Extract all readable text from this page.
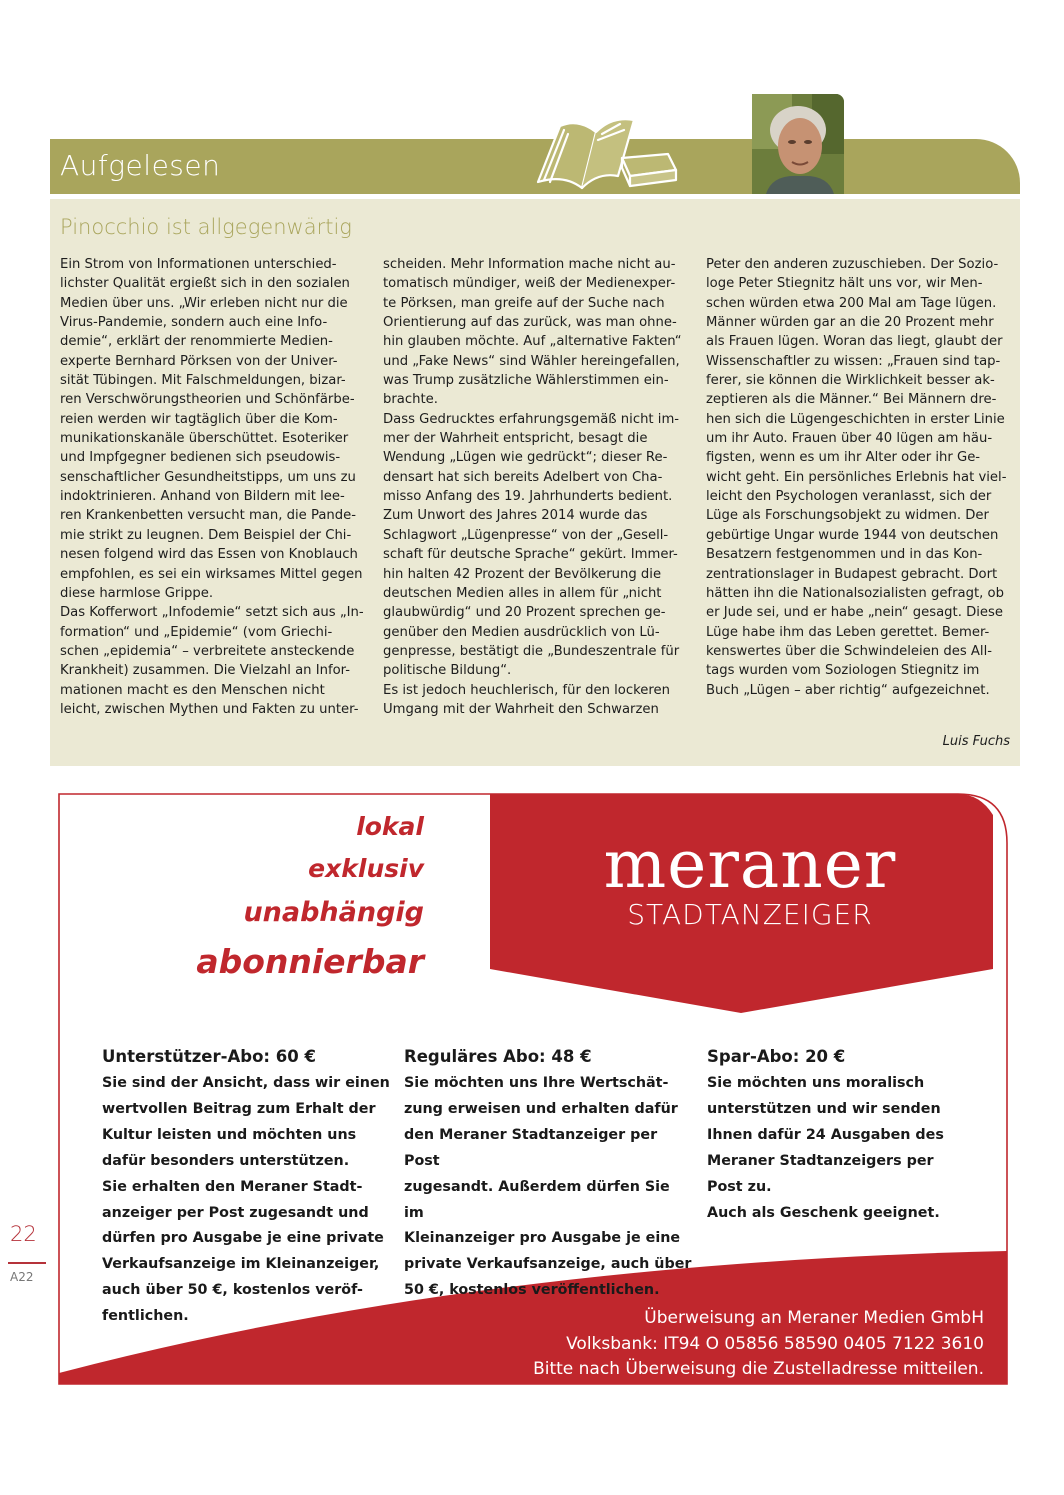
Aufgelesen
Pinocchio ist allgegenwärtig

Ein Strom von Informationen unterschied-
lichster Qualität ergießt sich in den sozialen
Medien über uns. „Wir erleben nicht nur die
Virus-Pandemie, sondern auch eine Info-
demie“, erklärt der renommierte Medien-
experte Bernhard Pörksen von der Univer-
sität Tübingen. Mit Falschmeldungen, bizar-
ren Verschwörungstheorien und Schönfärbe-
reien werden wir tagtäglich über die Kom-
munikationskanäle überschüttet. Esoteriker
und Impfgegner bedienen sich pseudowis-
senschaftlicher Gesundheitstipps, um uns zu
indoktrinieren. Anhand von Bildern mit lee-
ren Krankenbetten versucht man, die Pande-
mie strikt zu leugnen. Dem Beispiel der Chi-
nesen folgend wird das Essen von Knoblauch
empfohlen, es sei ein wirksames Mittel gegen
diese harmlose Grippe.
Das Kofferwort „Infodemie“ setzt sich aus „In-
formation“ und „Epidemie“ (vom Griechi-
schen „epidemia“ – verbreitete ansteckende
Krankheit) zusammen. Die Vielzahl an Infor-
mationen macht es den Menschen nicht
leicht, zwischen Mythen und Fakten zu unter-

scheiden. Mehr Information mache nicht au-
tomatisch mündiger, weiß der Medienexper-
te Pörksen, man greife auf der Suche nach
Orientierung auf das zurück, was man ohne-
hin glauben möchte. Auf „alternative Fakten“
und „Fake News“ sind Wähler hereingefallen,
was Trump zusätzliche Wählerstimmen ein-
brachte.
Dass Gedrucktes erfahrungsgemäß nicht im-
mer der Wahrheit entspricht, besagt die
Wendung „Lügen wie gedrückt“; dieser Re-
densart hat sich bereits Adelbert von Cha-
misso Anfang des 19. Jahrhunderts bedient.
Zum Unwort des Jahres 2014 wurde das
Schlagwort „Lügenpresse“ von der „Gesell-
schaft für deutsche Sprache“ gekürt. Immer-
hin halten 42 Prozent der Bevölkerung die
deutschen Medien alles in allem für „nicht
glaubwürdig“ und 20 Prozent sprechen ge-
genüber den Medien ausdrücklich von Lü-
genpresse, bestätigt die „Bundeszentrale für
politische Bildung“.
Es ist jedoch heuchlerisch, für den lockeren
Umgang mit der Wahrheit den Schwarzen

Peter den anderen zuzuschieben. Der Sozio-
loge Peter Stiegnitz hält uns vor, wir Men-
schen würden etwa 200 Mal am Tage lügen.
Männer würden gar an die 20 Prozent mehr
als Frauen lügen. Woran das liegt, glaubt der
Wissenschaftler zu wissen: „Frauen sind tap-
ferer, sie können die Wirklichkeit besser ak-
zeptieren als die Männer.“ Bei Männern dre-
hen sich die Lügengeschichten in erster Linie
um ihr Auto. Frauen über 40 lügen am häu-
figsten, wenn es um ihr Alter oder ihr Ge-
wicht geht. Ein persönliches Erlebnis hat viel-
leicht den Psychologen veranlasst, sich der
Lüge als Forschungsobjekt zu widmen. Der
gebürtige Ungar wurde 1944 von deutschen
Besatzern festgenommen und in das Kon-
zentrationslager in Budapest gebracht. Dort
hätten ihn die Nationalsozialisten gefragt, ob
er Jude sei, und er habe „nein“ gesagt. Diese
Lüge habe ihm das Leben gerettet. Bemer-
kenswertes über die Schwindeleien des All-
tags wurden vom Soziologen Stiegnitz im
Buch „Lügen – aber richtig“ aufgezeichnet.

Luis Fuchs
22
A22
lokal
exklusiv
unabhängig
abonnierbar
meraner
STADTANZEIGER

Unterstützer-Abo: 60 €

Sie sind der Ansicht, dass wir einen
wertvollen Beitrag zum Erhalt der
Kultur leisten und möchten uns
dafür besonders unterstützen.
Sie erhalten den Meraner Stadt-
anzeiger per Post zugesandt und
dürfen pro Ausgabe je eine private
Verkaufsanzeige im Kleinanzeiger,
auch über 50 €, kostenlos veröf-
fentlichen.

Reguläres Abo: 48 €

Sie möchten uns Ihre Wertschät-
zung erweisen und erhalten dafür
den Meraner Stadtanzeiger per Post
zugesandt. Außerdem dürfen Sie im
Kleinanzeiger pro Ausgabe je eine
private Verkaufsanzeige, auch über
50 €, kostenlos veröffentlichen.

Spar-Abo: 20 €

Sie möchten uns moralisch
unterstützen und wir senden
Ihnen dafür 24 Ausgaben des
Meraner Stadtanzeigers per
Post zu.
Auch als Geschenk geeignet.

Überweisung an Meraner Medien GmbH
Volksbank: IT94 O 05856 58590 0405 7122 3610
Bitte nach Überweisung die Zustelladresse mitteilen.
